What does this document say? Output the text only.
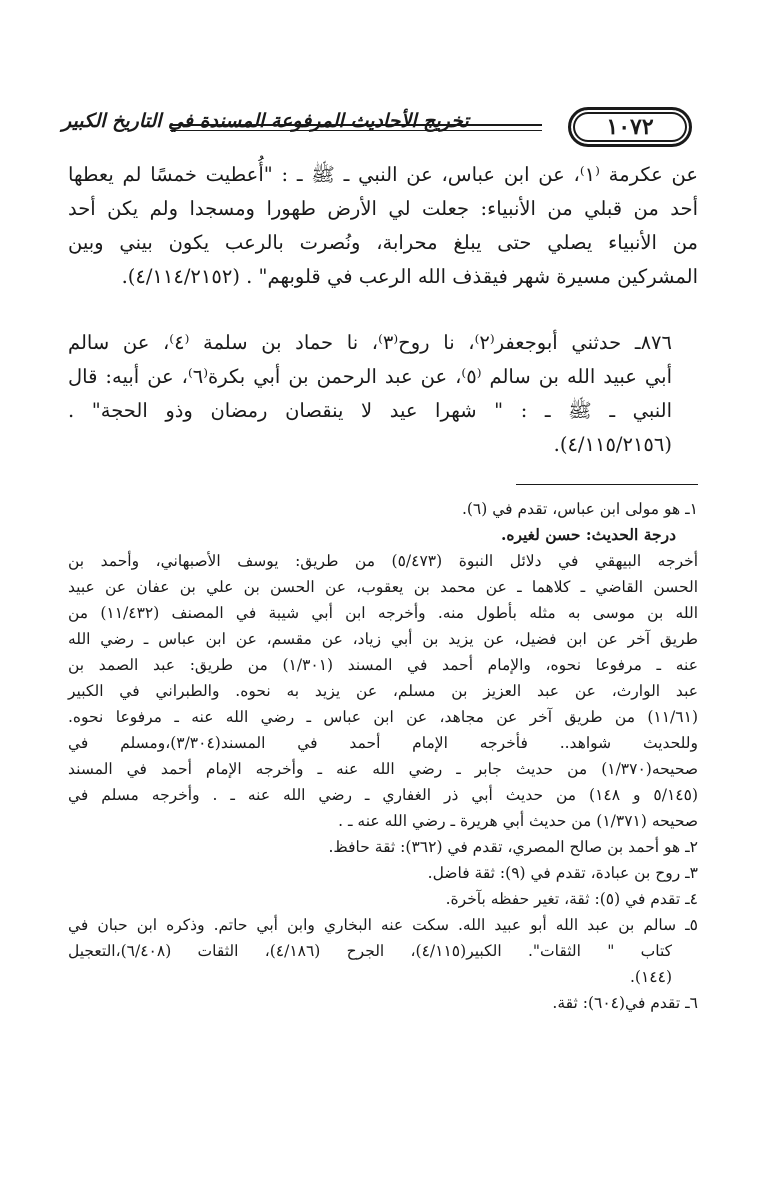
١٠٧٢
تخريج الأحاديث المرفوعة المسندة في التاريخ الكبير
عن عكرمة ⁽١⁾، عن ابن عباس، عن النبي ـ ﷺ ـ : "أُعطيت خمسًا لم يعطها
أحد من قبلي من الأنبياء: جعلت لي الأرض طهورا ومسجدا ولم يكن أحد
من الأنبياء يصلي حتى يبلغ محرابة، ونُصرت بالرعب يكون بيني وبين
المشركين مسيرة شهر فيقذف الله الرعب في قلوبهم" . (٤/١١٤/٢١٥٢).
٨٧٦ـ حدثني أبوجعفر⁽٢⁾، نا روح⁽٣⁾، نا حماد بن سلمة ⁽٤⁾، عن سالم
أبي عبيد الله بن سالم ⁽٥⁾، عن عبد الرحمن بن أبي بكرة⁽٦⁾، عن أبيه: قال
النبي ـ ﷺ ـ : " شهرا عيد لا ينقصان رمضان وذو الحجة" .
(٤/١١٥/٢١٥٦).
١ـ هو مولى ابن عباس، تقدم في (٦).
درجة الحديث: حسن لغيره.
أخرجه البيهقي في دلائل النبوة (٥/٤٧٣) من طريق: يوسف الأصبهاني، وأحمد بن
الحسن القاضي ـ كلاهما ـ عن محمد بن يعقوب، عن الحسن بن علي بن عفان عن عبيد
الله بن موسى به مثله بأطول منه. وأخرجه ابن أبي شيبة في المصنف (١١/٤٣٢) من
طريق آخر عن ابن فضيل، عن يزيد بن أبي زياد، عن مقسم، عن ابن عباس ـ رضي الله
عنه ـ مرفوعا نحوه، والإمام أحمد في المسند (١/٣٠١) من طريق: عبد الصمد بن
عبد الوارث، عن عبد العزيز بن مسلم، عن يزيد به نحوه. والطبراني في الكبير
(١١/٦١) من طريق آخر عن مجاهد، عن ابن عباس ـ رضي الله عنه ـ مرفوعا نحوه.
وللحديث شواهد.. فأخرجه الإمام أحمد في المسند(٣/٣٠٤)،ومسلم في
صحيحه(١/٣٧٠) من حديث جابر ـ رضي الله عنه ـ وأخرجه الإمام أحمد في المسند
(٥/١٤٥ و ١٤٨) من حديث أبي ذر الغفاري ـ رضي الله عنه ـ . وأخرجه مسلم في
صحيحه (١/٣٧١) من حديث أبي هريرة ـ رضي الله عنه ـ .
٢ـ هو أحمد بن صالح المصري، تقدم في (٣٦٢): ثقة حافظ.
٣ـ روح بن عبادة، تقدم في (٩): ثقة فاضل.
٤ـ تقدم في (٥): ثقة، تغير حفظه بآخرة.
٥ـ سالم بن عبد الله أبو عبيد الله. سكت عنه البخاري وابن أبي حاتم. وذكره ابن حبان في
كتاب " الثقات". الكبير(٤/١١٥)، الجرح (٤/١٨٦)، الثقات (٦/٤٠٨)،التعجيل
(١٤٤).
٦ـ تقدم في(٦٠٤): ثقة.
